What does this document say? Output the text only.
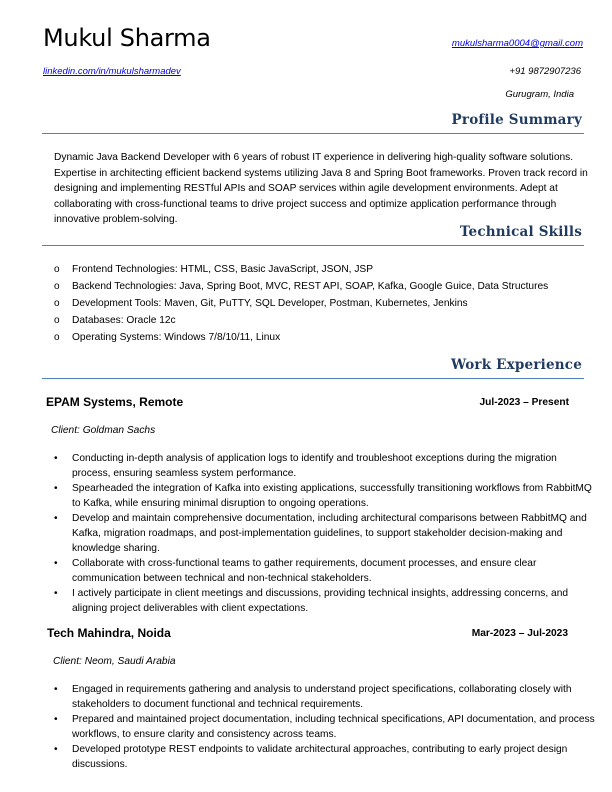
Mukul Sharma	mukulsharma0004@gmail.com
linkedin.com/in/mukulsharmadev	+91 9872907236
Gurugram, India
Profile Summary
Dynamic Java Backend Developer with 6 years of robust IT experience in delivering high-quality software solutions. Expertise in architecting efficient backend systems utilizing Java 8 and Spring Boot frameworks. Proven track record in designing and implementing RESTful APIs and SOAP services within agile development environments. Adept at collaborating with cross-functional teams to drive project success and optimize application performance through innovative problem-solving.
Technical Skills
o Frontend Technologies: HTML, CSS, Basic JavaScript, JSON, JSP
o Backend Technologies: Java, Spring Boot, MVC, REST API, SOAP, Kafka, Google Guice, Data Structures
o Development Tools: Maven, Git, PuTTY, SQL Developer, Postman, Kubernetes, Jenkins
o Databases: Oracle 12c
o Operating Systems: Windows 7/8/10/11, Linux
Work Experience
EPAM Systems, Remote	Jul-2023 – Present
Client: Goldman Sachs
• Conducting in-depth analysis of application logs to identify and troubleshoot exceptions during the migration process, ensuring seamless system performance.
• Spearheaded the integration of Kafka into existing applications, successfully transitioning workflows from RabbitMQ to Kafka, while ensuring minimal disruption to ongoing operations.
• Develop and maintain comprehensive documentation, including architectural comparisons between RabbitMQ and Kafka, migration roadmaps, and post-implementation guidelines, to support stakeholder decision-making and knowledge sharing.
• Collaborate with cross-functional teams to gather requirements, document processes, and ensure clear communication between technical and non-technical stakeholders.
• I actively participate in client meetings and discussions, providing technical insights, addressing concerns, and aligning project deliverables with client expectations.
Tech Mahindra, Noida	Mar-2023 – Jul-2023
Client: Neom, Saudi Arabia
• Engaged in requirements gathering and analysis to understand project specifications, collaborating closely with stakeholders to document functional and technical requirements.
• Prepared and maintained project documentation, including technical specifications, API documentation, and process workflows, to ensure clarity and consistency across teams.
• Developed prototype REST endpoints to validate architectural approaches, contributing to early project design discussions.
